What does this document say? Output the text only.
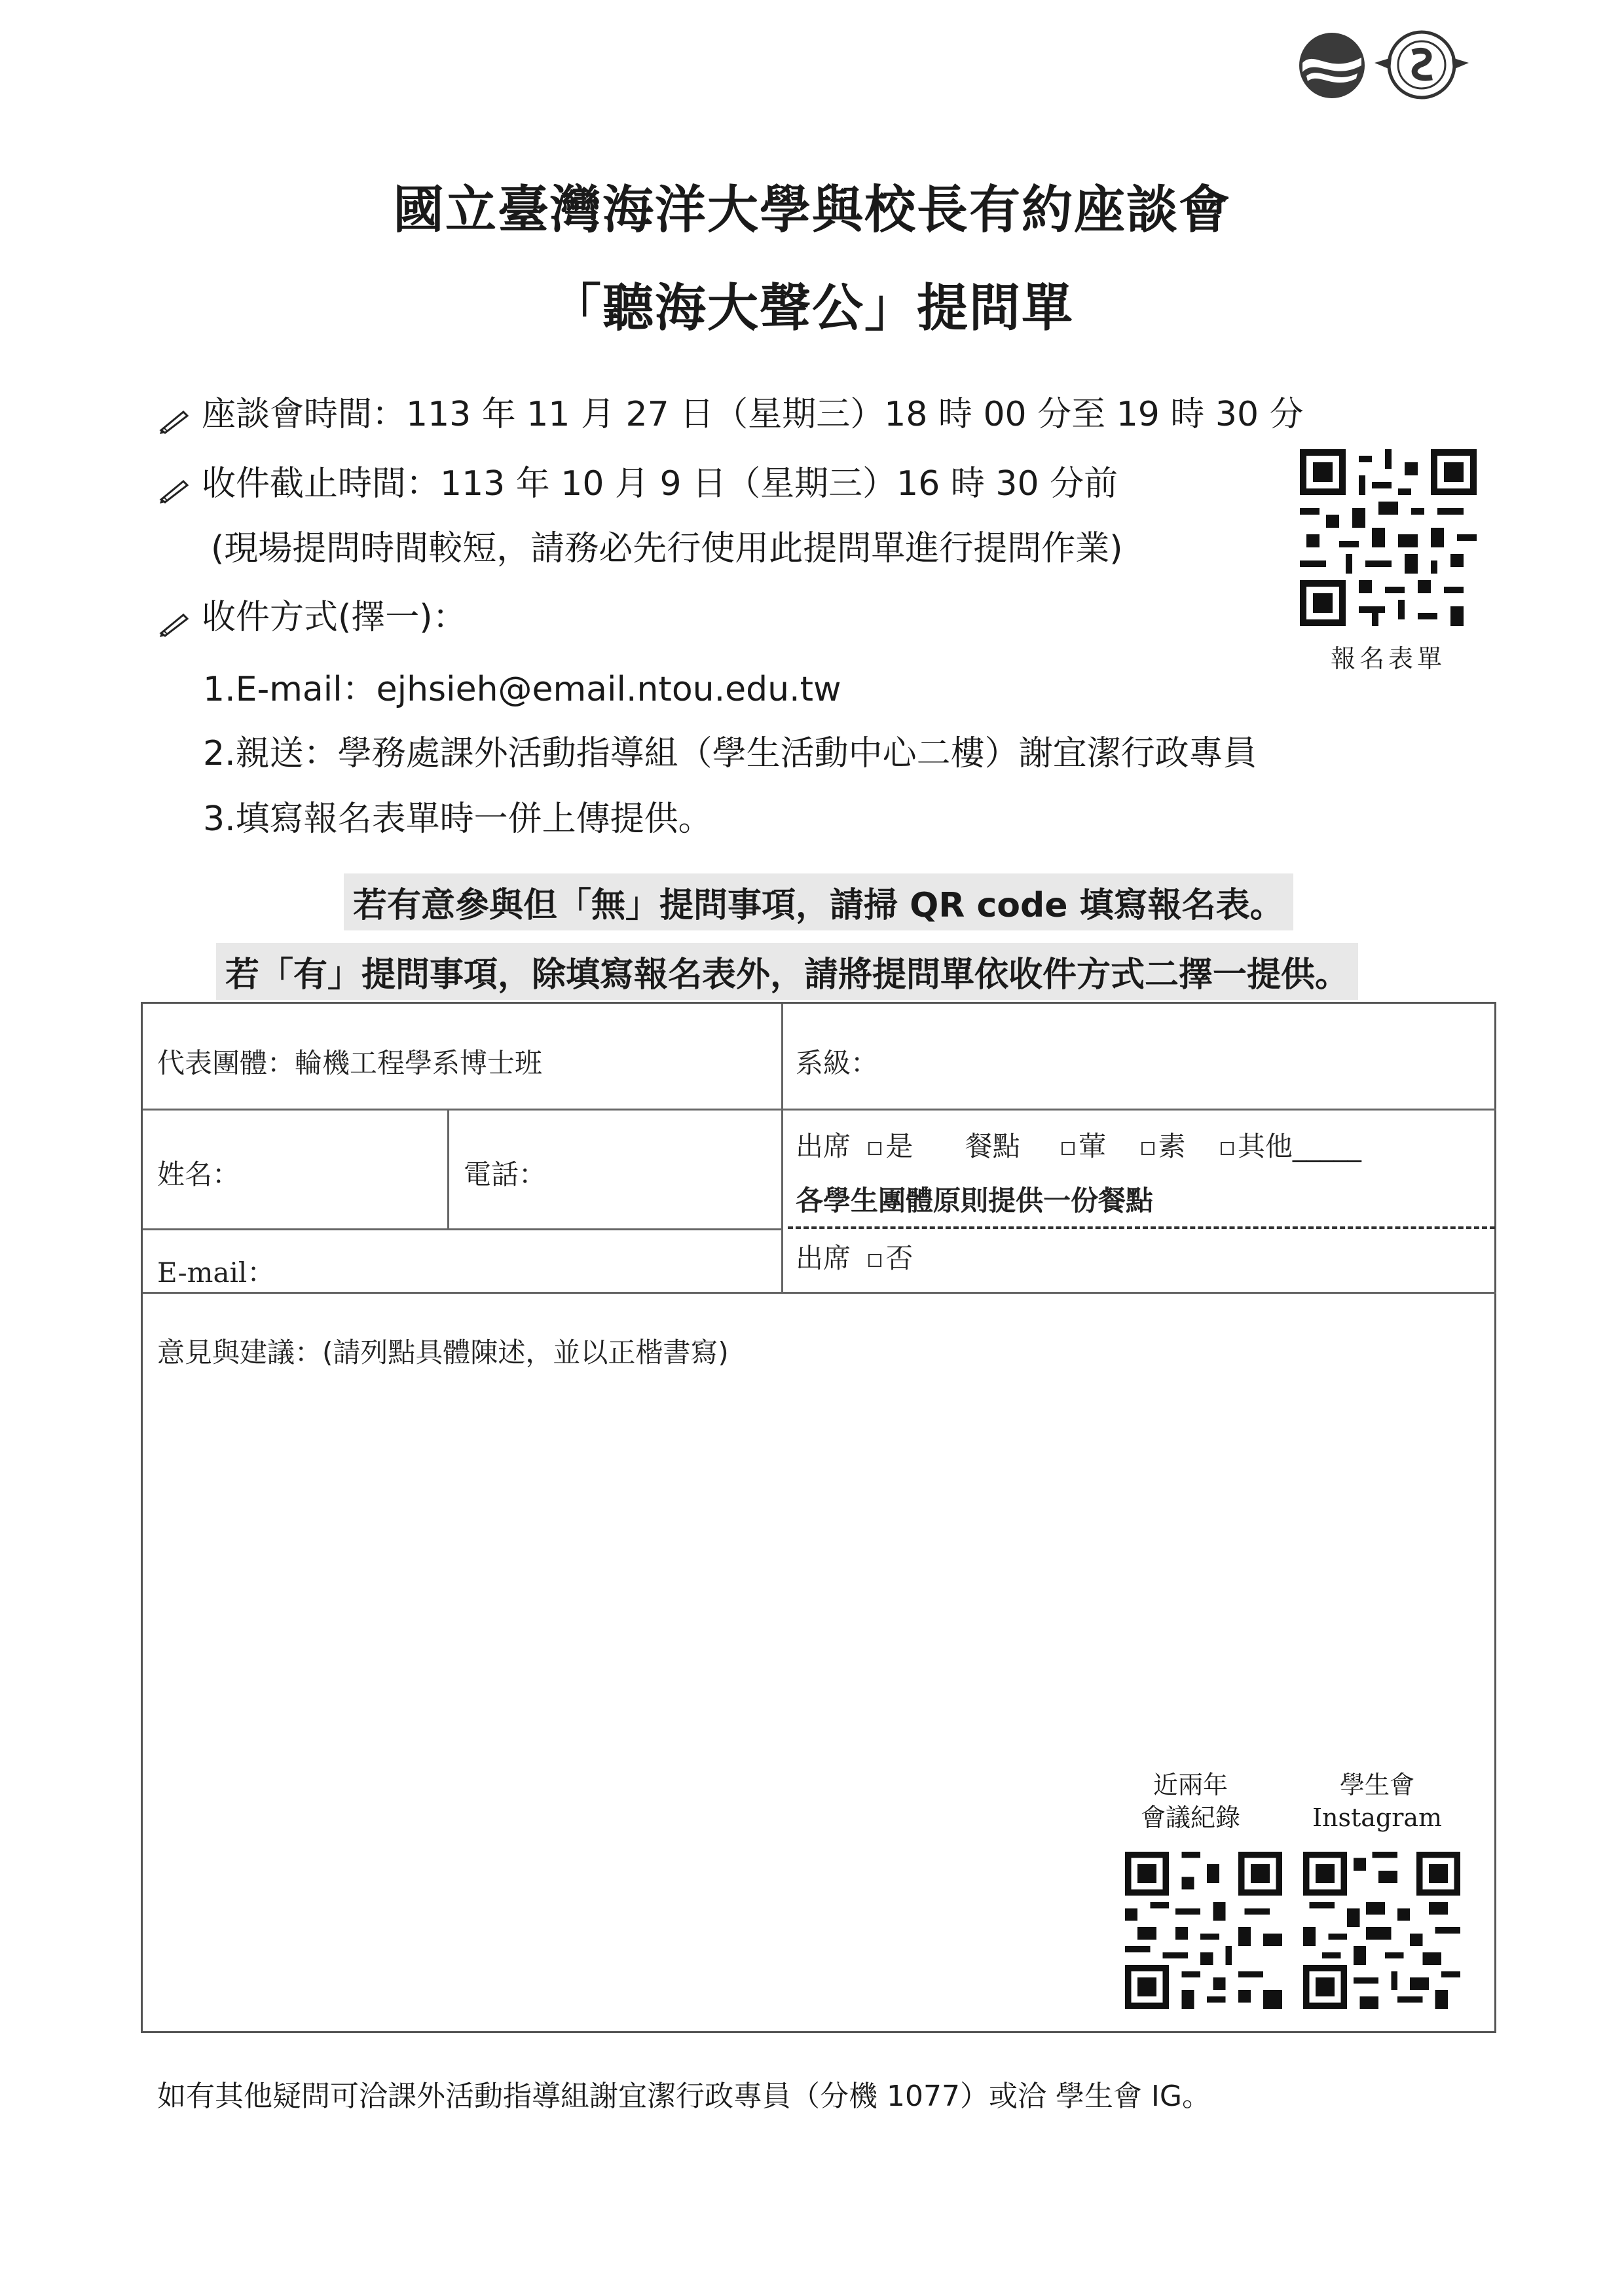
國立臺灣海洋大學與校長有約座談會
「聽海大聲公」提問單
座談會時間：113 年 11 月 27 日（星期三）18 時 00 分至 19 時 30 分
收件截止時間：113 年 10 月 9 日（星期三）16 時 30 分前
(現場提問時間較短，請務必先行使用此提問單進行提問作業)
收件方式(擇一)：
1.E-mail：ejhsieh@email.ntou.edu.tw
2.親送：學務處課外活動指導組（學生活動中心二樓）謝宜潔行政專員
3.填寫報名表單時一併上傳提供。
報名表單
若有意參與但「無」提問事項，請掃 QR code 填寫報名表。
若「有」提問事項，除填寫報名表外，請將提問單依收件方式二擇一提供。
代表團體：輪機工程學系博士班	系級：
姓名：	電話：
出席 是 餐點 葷 素 其他_____
各學生團體原則提供一份餐點
出席 否
E-mail：
意見與建議：(請列點具體陳述，並以正楷書寫)
近兩年
會議紀錄
學生會
Instagram
如有其他疑問可洽課外活動指導組謝宜潔行政專員（分機 1077）或洽 學生會 IG。
